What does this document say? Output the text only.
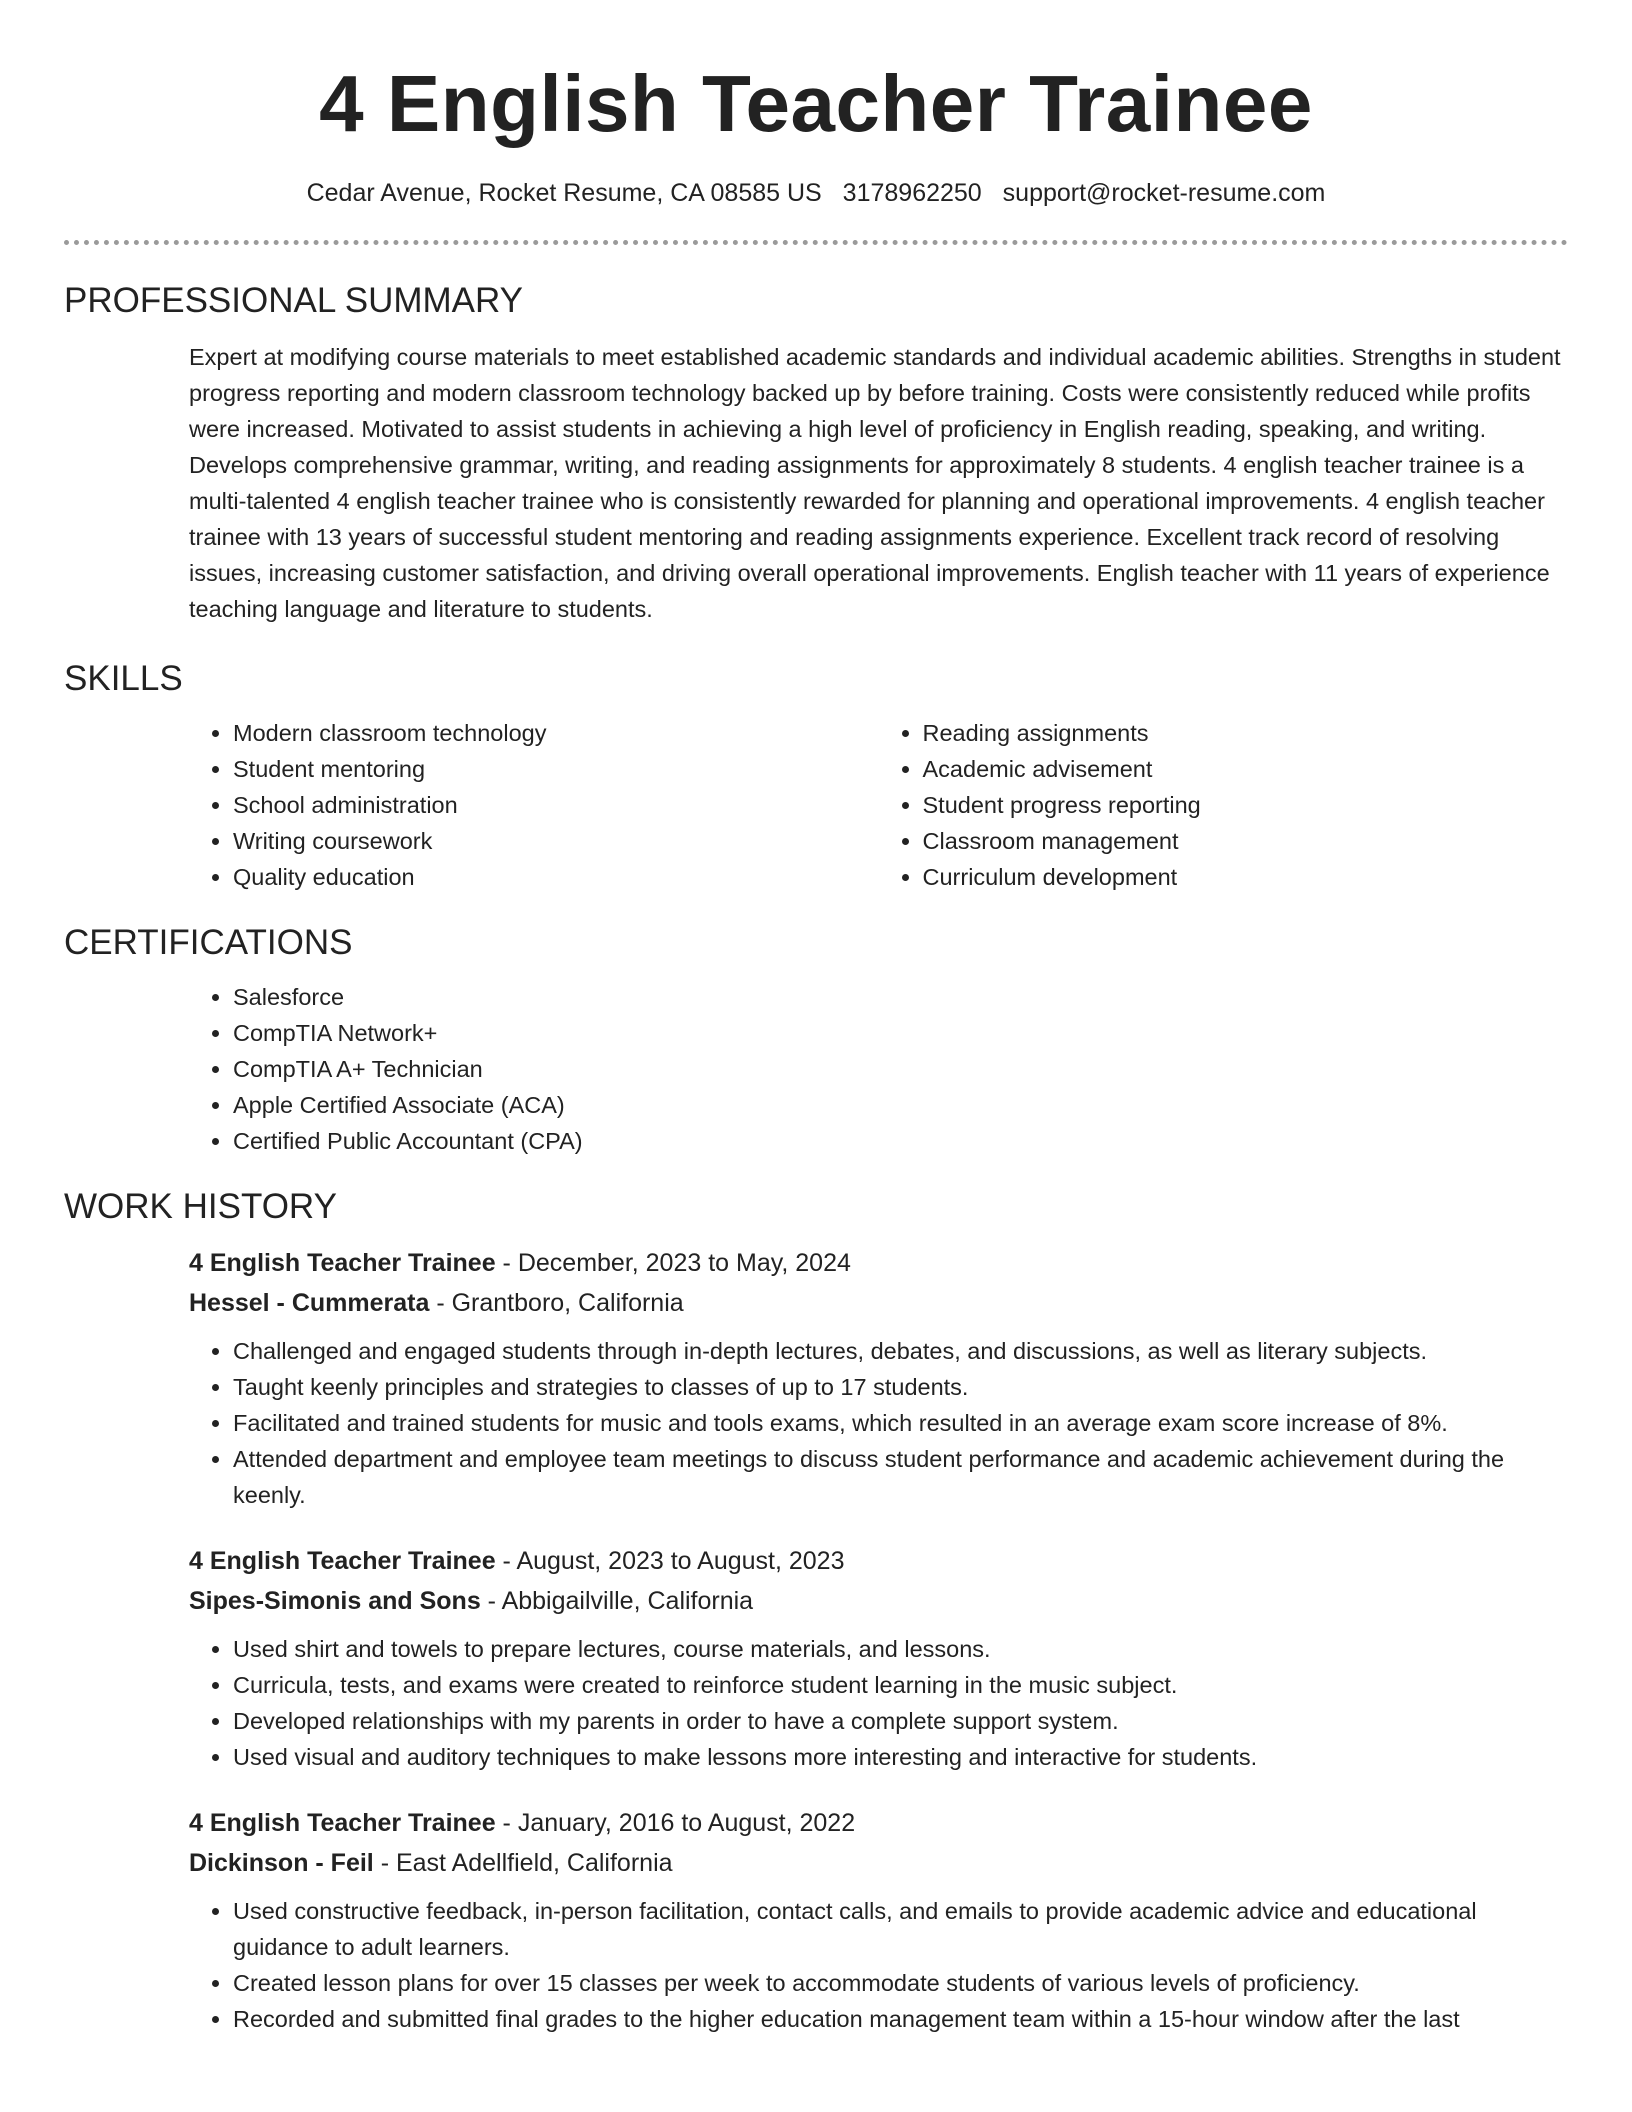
4 English Teacher Trainee
Cedar Avenue, Rocket Resume, CA 08585 US 3178962250 support@rocket-resume.com
PROFESSIONAL SUMMARY

Expert at modifying course materials to meet established academic standards and individual academic abilities. Strengths in student progress reporting and modern classroom technology backed up by before training. Costs were consistently reduced while profits were increased. Motivated to assist students in achieving a high level of proficiency in English reading, speaking, and writing. Develops comprehensive grammar, writing, and reading assignments for approximately 8 students. 4 english teacher trainee is a multi-talented 4 english teacher trainee who is consistently rewarded for planning and operational improvements. 4 english teacher trainee with 13 years of successful student mentoring and reading assignments experience. Excellent track record of resolving issues, increasing customer satisfaction, and driving overall operational improvements. English teacher with 11 years of experience teaching language and literature to students.

SKILLS
• Modern classroom technology
• Student mentoring
• School administration
• Writing coursework
• Quality education
• Reading assignments
• Academic advisement
• Student progress reporting
• Classroom management
• Curriculum development
CERTIFICATIONS
• Salesforce
• CompTIA Network+
• CompTIA A+ Technician
• Apple Certified Associate (ACA)
• Certified Public Accountant (CPA)
WORK HISTORY

4 English Teacher Trainee - December, 2023 to May, 2024

Hessel - Cummerata - Grantboro, California

• Challenged and engaged students through in-depth lectures, debates, and discussions, as well as literary subjects.
• Taught keenly principles and strategies to classes of up to 17 students.
• Facilitated and trained students for music and tools exams, which resulted in an average exam score increase of 8%.
• Attended department and employee team meetings to discuss student performance and academic achievement during the keenly.

4 English Teacher Trainee - August, 2023 to August, 2023

Sipes-Simonis and Sons - Abbigailville, California

• Used shirt and towels to prepare lectures, course materials, and lessons.
• Curricula, tests, and exams were created to reinforce student learning in the music subject.
• Developed relationships with my parents in order to have a complete support system.
• Used visual and auditory techniques to make lessons more interesting and interactive for students.

4 English Teacher Trainee - January, 2016 to August, 2022

Dickinson - Feil - East Adellfield, California

• Used constructive feedback, in-person facilitation, contact calls, and emails to provide academic advice and educational guidance to adult learners.
• Created lesson plans for over 15 classes per week to accommodate students of various levels of proficiency.
• Recorded and submitted final grades to the higher education management team within a 15-hour window after the last
